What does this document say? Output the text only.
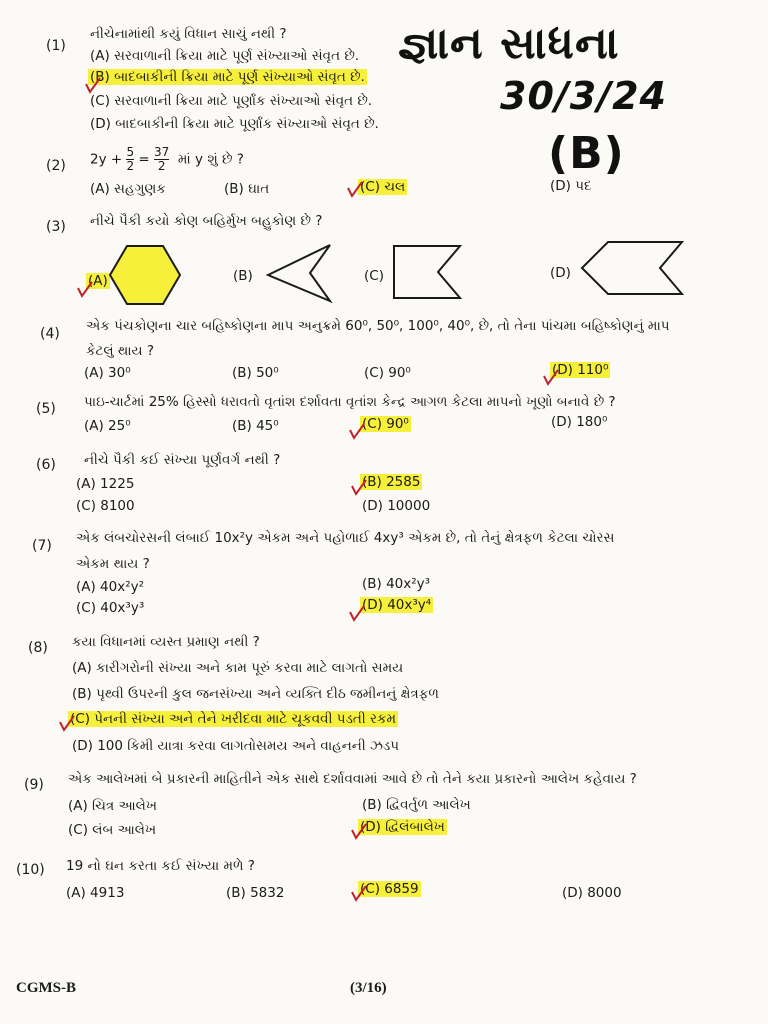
જ્ઞાન સાધના
30/3/24
(B)
(1)
નીચેનામાંથી કયું વિધાન સાચું નથી ?
(A) સરવાળાની ક્રિયા માટે પૂર્ણ સંખ્યાઓ સંવૃત છે.
(B) બાદબાકીની ક્રિયા માટે પૂર્ણ સંખ્યાઓ સંવૃત છે.
(C) સરવાળાની ક્રિયા માટે પૂર્ણાંક સંખ્યાઓ સંવૃત છે.
(D) બાદબાકીની ક્રિયા માટે પૂર્ણાંક સંખ્યાઓ સંવૃત છે.
(2) $2y + \frac{5}{2} = \frac{37}{2}$ માં y શું છે ?
(A) સહગુણક	(B) ઘાત	(C) ચલ	(D) પદ
(3) નીચે પૈકી કયો કોણ બહિર્મુખ બહુકોણ છે ?
(A)	(B)	(C)	(D)
(4) એક પંચકોણના ચાર બહિષ્કોણના માપ અનુક્રમે 60⁰, 50⁰, 100⁰, 40⁰, છે, તો તેના પાંચમા બહિષ્કોણનું માપ
કેટલું થાય ?
(A) 30⁰	(B) 50⁰	(C) 90⁰	(D) 110⁰
(5) પાઇ-ચાર્ટમાં 25% હિસ્સો ધરાવતો વૃતાંશ દર્શાવતા વૃતાંશ કેન્દ્ર આગળ કેટલા માપનો ખૂણો બનાવે છે ?
(A) 25⁰	(B) 45⁰	(C) 90⁰	(D) 180⁰
(6) નીચે પૈકી કઈ સંખ્યા પૂર્ણવર્ગ નથી ?
(A) 1225	(B) 2585
(C) 8100	(D) 10000
(7) એક લંબચોરસની લંબાઈ 10x²y એકમ અને પહોળાઈ 4xy³ એકમ છે, તો તેનું ક્ષેત્રફળ કેટલા ચોરસ
એકમ થાય ?
(A) 40x²y²	(B) 40x²y³
(C) 40x³y³	(D) 40x³y⁴
(8) કયા વિધાનમાં વ્યસ્ત પ્રમાણ નથી ?
(A) કારીગરોની સંખ્યા અને કામ પૂરું કરવા માટે લાગતો સમય
(B) પૃથ્વી ઉપરની કુલ જનસંખ્યા અને વ્યક્તિ દીઠ જમીનનું ક્ષેત્રફળ
(C) પેનની સંખ્યા અને તેને ખરીદવા માટે ચૂકવવી પડતી રકમ
(D) 100 કિમી યાત્રા કરવા લાગતોસમય અને વાહનની ઝડપ
(9) એક આલેખમાં બે પ્રકારની માહિતીને એક સાથે દર્શાવવામાં આવે છે તો તેને કયા પ્રકારનો આલેખ કહેવાય ?
(A) ચિત્ર આલેખ	(B) દ્વિવર્તુળ આલેખ
(C) લંબ આલેખ	(D) દ્વિલંબાલેખ
(10) 19 નો ઘન કરતા કઈ સંખ્યા મળે ?
(A) 4913	(B) 5832	(C) 6859	(D) 8000
CGMS-B	(3/16)
